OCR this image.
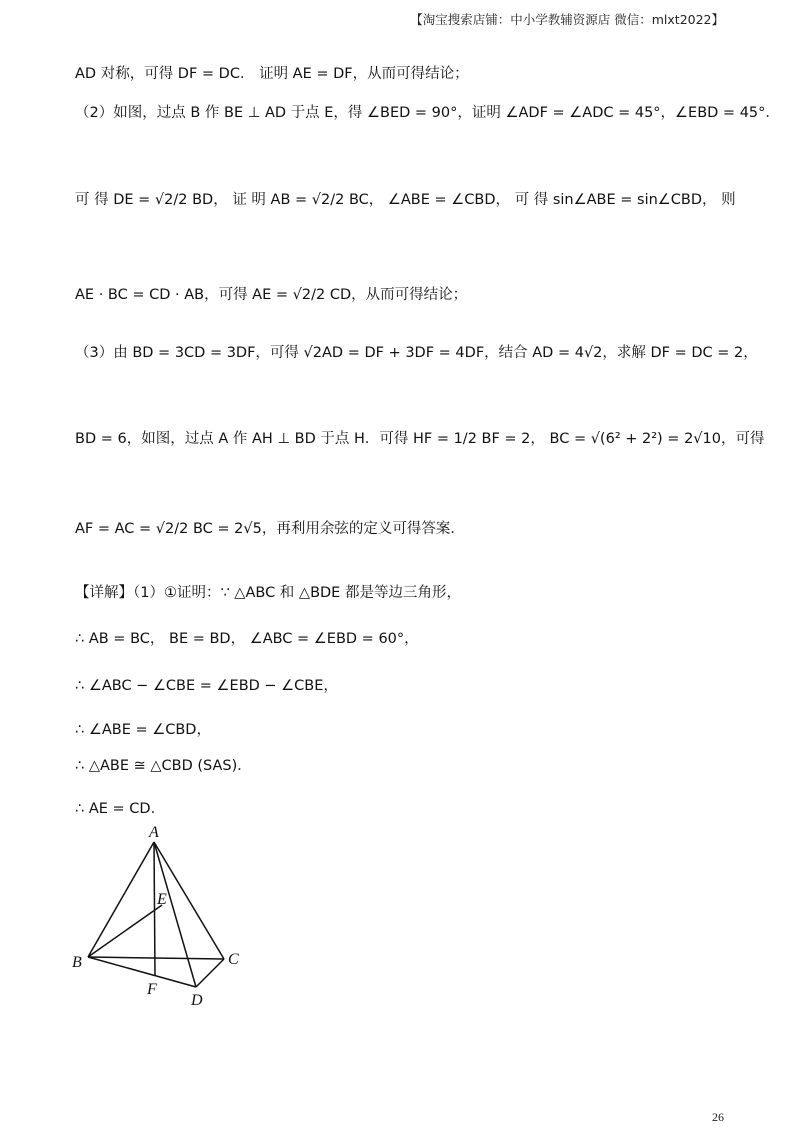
【淘宝搜索店铺：中小学教辅资源店 微信：mlxt2022】
AD 对称，可得 DF = DC． 证明 AE = DF，从而可得结论；
（2）如图，过点 B 作 BE ⊥ AD 于点 E，得 ∠BED = 90°，证明 ∠ADF = ∠ADC = 45°，∠EBD = 45°．
可 得 DE = √2/2 BD， 证 明 AB = √2/2 BC， ∠ABE = ∠CBD， 可 得 sin∠ABE = sin∠CBD， 则
AE · BC = CD · AB，可得 AE = √2/2 CD，从而可得结论；
（3）由 BD = 3CD = 3DF，可得 √2AD = DF + 3DF = 4DF，结合 AD = 4√2，求解 DF = DC = 2，
BD = 6，如图，过点 A 作 AH ⊥ BD 于点 H．可得 HF = 1/2 BF = 2， BC = √(6² + 2²) = 2√10，可得
AF = AC = √2/2 BC = 2√5，再利用余弦的定义可得答案．
【详解】（1）①证明：∵ △ABC 和 △BDE 都是等边三角形，
∴ AB = BC， BE = BD， ∠ABC = ∠EBD = 60°，
∴ ∠ABC − ∠CBE = ∠EBD − ∠CBE，
∴ ∠ABE = ∠CBD，
∴ △ABE ≅ △CBD (SAS)．
∴ AE = CD．
A
E
B	C
F
D
26
